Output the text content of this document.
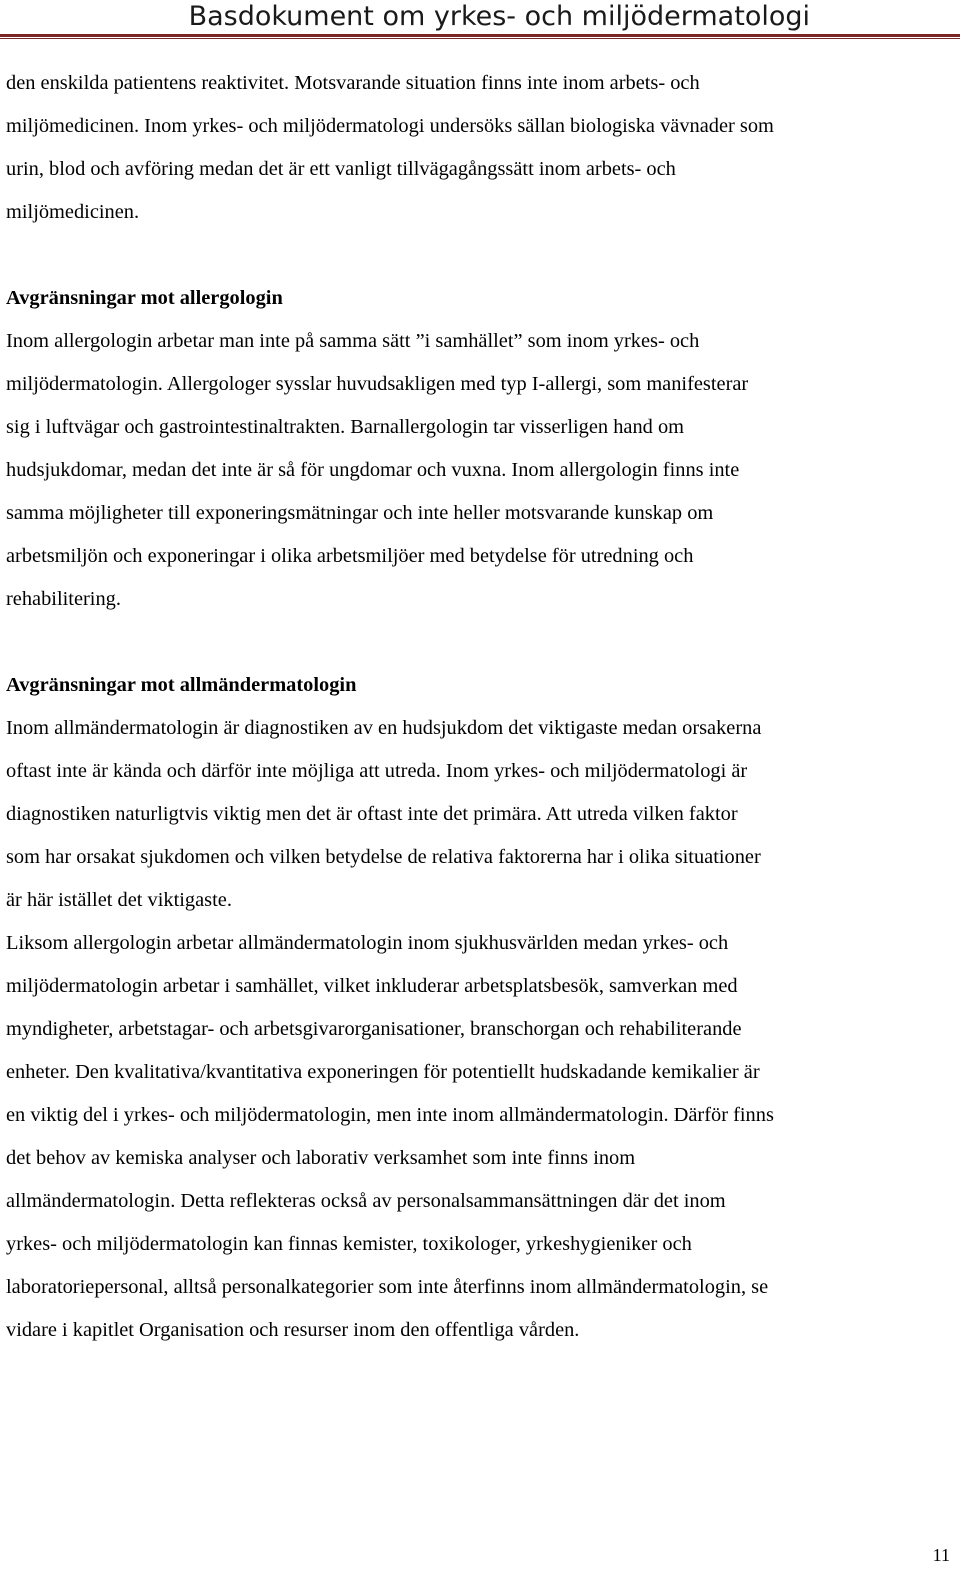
Basdokument om yrkes- och miljödermatologi
den enskilda patientens reaktivitet. Motsvarande situation finns inte inom arbets- och
miljömedicinen. Inom yrkes- och miljödermatologi undersöks sällan biologiska vävnader som
urin, blod och avföring medan det är ett vanligt tillvägagångssätt inom arbets- och
miljömedicinen.
Avgränsningar mot allergologin
Inom allergologin arbetar man inte på samma sätt ”i samhället” som inom yrkes- och
miljödermatologin. Allergologer sysslar huvudsakligen med typ I-allergi, som manifesterar
sig i luftvägar och gastrointestinaltrakten. Barnallergologin tar visserligen hand om
hudsjukdomar, medan det inte är så för ungdomar och vuxna. Inom allergologin finns inte
samma möjligheter till exponeringsmätningar och inte heller motsvarande kunskap om
arbetsmiljön och exponeringar i olika arbetsmiljöer med betydelse för utredning och
rehabilitering.
Avgränsningar mot allmändermatologin
Inom allmändermatologin är diagnostiken av en hudsjukdom det viktigaste medan orsakerna
oftast inte är kända och därför inte möjliga att utreda. Inom yrkes- och miljödermatologi är
diagnostiken naturligtvis viktig men det är oftast inte det primära. Att utreda vilken faktor
som har orsakat sjukdomen och vilken betydelse de relativa faktorerna har i olika situationer
är här istället det viktigaste.
Liksom allergologin arbetar allmändermatologin inom sjukhusvärlden medan yrkes- och
miljödermatologin arbetar i samhället, vilket inkluderar arbetsplatsbesök, samverkan med
myndigheter, arbetstagar- och arbetsgivarorganisationer, branschorgan och rehabiliterande
enheter. Den kvalitativa/kvantitativa exponeringen för potentiellt hudskadande kemikalier är
en viktig del i yrkes- och miljödermatologin, men inte inom allmändermatologin. Därför finns
det behov av kemiska analyser och laborativ verksamhet som inte finns inom
allmändermatologin. Detta reflekteras också av personalsammansättningen där det inom
yrkes- och miljödermatologin kan finnas kemister, toxikologer, yrkeshygieniker och
laboratoriepersonal, alltså personalkategorier som inte återfinns inom allmändermatologin, se
vidare i kapitlet Organisation och resurser inom den offentliga vården.
11
